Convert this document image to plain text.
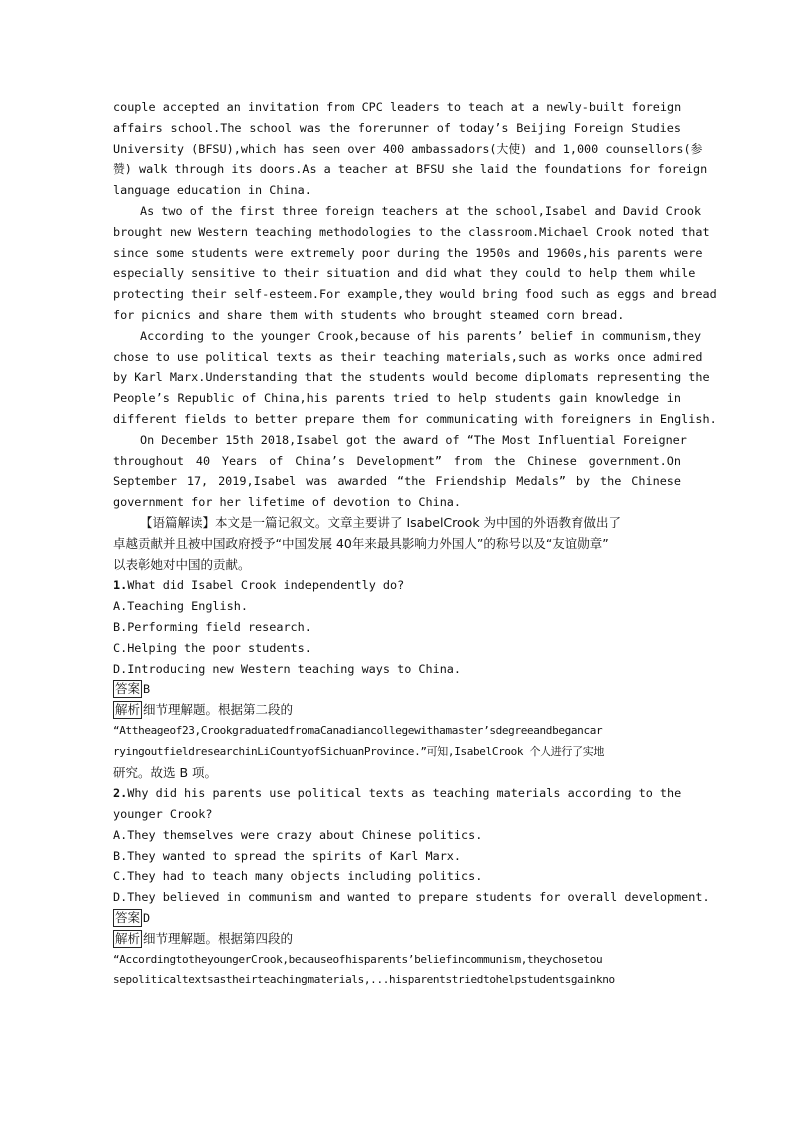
couple accepted an invitation from CPC leaders to teach at a newly-built foreign

affairs school.The school was the forerunner of today’s Beijing Foreign Studies

University (BFSU),which has seen over 400 ambassadors(大使) and 1,000 counsellors(参

赞) walk through its doors.As a teacher at BFSU she laid the foundations for foreign

language education in China.

As two of the first three foreign teachers at the school,Isabel and David Crook

brought new Western teaching methodologies to the classroom.Michael Crook noted that

since some students were extremely poor during the 1950s and 1960s,his parents were

especially sensitive to their situation and did what they could to help them while

protecting their self-esteem.For example,they would bring food such as eggs and bread

for picnics and share them with students who brought steamed corn bread.

According to the younger Crook,because of his parents’ belief in communism,they

chose to use political texts as their teaching materials,such as works once admired

by Karl Marx.Understanding that the students would become diplomats representing the

People’s Republic of China,his parents tried to help students gain knowledge in

different fields to better prepare them for communicating with foreigners in English.

On December 15th 2018,Isabel got the award of “The Most Influential Foreigner

throughout 40 Years of China’s Development” from the Chinese government.On

September 17, 2019,Isabel was awarded “the Friendship Medals” by the Chinese

government for her lifetime of devotion to China.

【语篇解读】本文是一篇记叙文。文章主要讲了 IsabelCrook 为中国的外语教育做出了

卓越贡献并且被中国政府授予“中国发展 40年来最具影响力外国人”的称号以及“友谊勋章”

以表彰她对中国的贡献。

1.What did Isabel Crook independently do?

A.Teaching English.

B.Performing field research.

C.Helping the poor students.

D.Introducing new Western teaching ways to China.

答案 B

解析 细节理解题。根据第二段的

“Attheageof23,CrookgraduatedfromaCanadiancollegewithamaster’sdegreeandbegancar

ryingoutfieldresearchinLiCountyofSichuanProvince.”可知,IsabelCrook 个人进行了实地

研究。故选 B 项。

2.Why did his parents use political texts as teaching materials according to the

younger Crook?

A.They themselves were crazy about Chinese politics.

B.They wanted to spread the spirits of Karl Marx.

C.They had to teach many objects including politics.

D.They believed in communism and wanted to prepare students for overall development.

答案 D

解析 细节理解题。根据第四段的

“AccordingtotheyoungerCrook,becauseofhisparents’beliefincommunism,theychosetou

sepoliticaltextsastheirteachingmaterials,...hisparentstriedtohelpstudentsgainkno
